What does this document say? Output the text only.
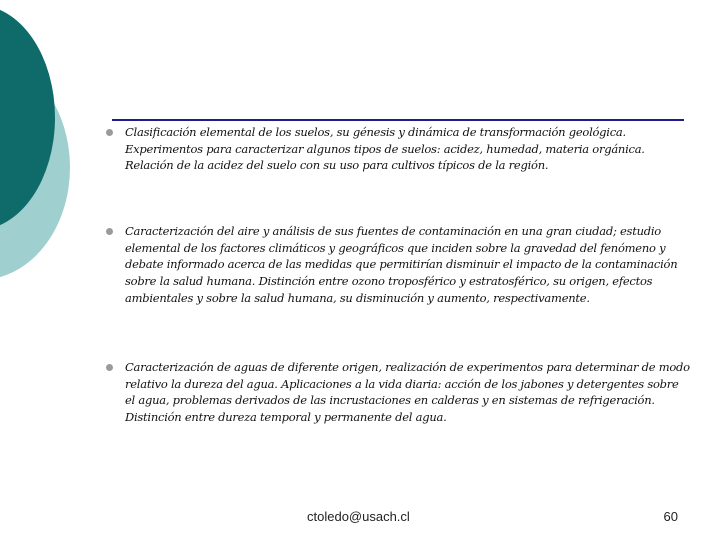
Clasificación elemental de los suelos, su génesis y dinámica de transformación geológica. Experimentos para caracterizar algunos tipos de suelos: acidez, humedad, materia orgánica. Relación de la acidez del suelo con su uso para cultivos típicos de la región.

Caracterización del aire y análisis de sus fuentes de contaminación en una gran ciudad; estudio elemental de los factores climáticos y geográficos que inciden sobre la gravedad del fenómeno y debate informado acerca de las medidas que permitirían disminuir el impacto de la contaminación sobre la salud humana. Distinción entre ozono troposférico y estratosférico, su origen, efectos ambientales y sobre la salud humana, su disminución y aumento, respectivamente.

Caracterización de aguas de diferente origen, realización de experimentos para determinar de modo relativo la dureza del agua. Aplicaciones a la vida diaria: acción de los jabones y detergentes sobre el agua, problemas derivados de las incrustaciones en calderas y en sistemas de refrigeración. Distinción entre dureza temporal y permanente del agua.

ctoledo@usach.cl	60
